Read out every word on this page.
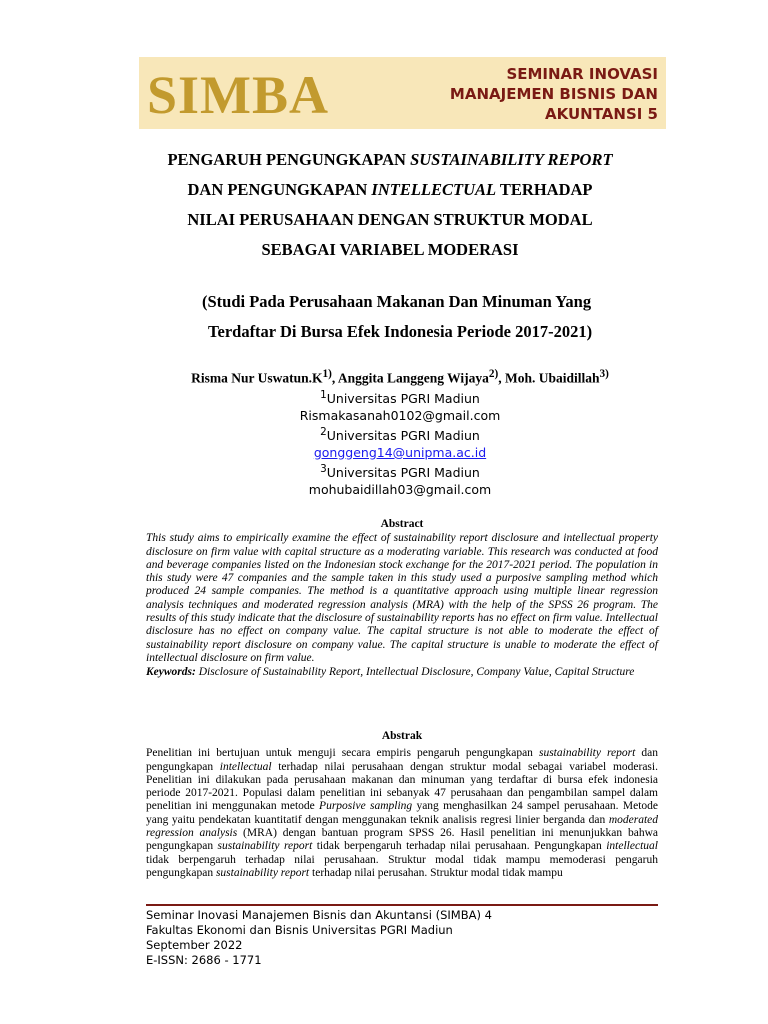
SIMBA	SEMINAR INOVASI
MANAJEMEN BISNIS DAN
AKUNTANSI 5
PENGARUH PENGUNGKAPAN SUSTAINABILITY REPORT
DAN PENGUNGKAPAN INTELLECTUAL TERHADAP
NILAI PERUSAHAAN DENGAN STRUKTUR MODAL
SEBAGAI VARIABEL MODERASI
(Studi Pada Perusahaan Makanan Dan Minuman Yang
Terdaftar Di Bursa Efek Indonesia Periode 2017-2021)
Risma Nur $Uswatun.K^{1)}$, Anggita Langgeng Wijaya$^{2)}$, Moh. Ubaidillah$^{3)}$
$^1$Universitas PGRI Madiun
Rismakasanah0102@gmail.com
$^2$Universitas PGRI Madiun
gonggeng14@unipma.ac.id
$^3$Universitas PGRI Madiun
mohubaidillah03@gmail.com
Abstract
This study aims to empirically examine the effect of sustainability report disclosure and intellectual property disclosure on firm value with capital structure as a moderating variable. This research was conducted at food and beverage companies listed on the Indonesian stock exchange for the 2017-2021 period. The population in this study were 47 companies and the sample taken in this study used a purposive sampling method which produced 24 sample companies. The method is a quantitative approach using multiple linear regression analysis techniques and moderated regression analysis (MRA) with the help of the SPSS 26 program. The results of this study indicate that the disclosure of sustainability reports has no effect on firm value. Intellectual disclosure has no effect on company value. The capital structure is not able to moderate the effect of sustainability report disclosure on company value. The capital structure is unable to moderate the effect of intellectual disclosure on firm value.
Keywords: Disclosure of Sustainability Report, Intellectual Disclosure, Company Value, Capital Structure
Abstrak
Penelitian ini bertujuan untuk menguji secara empiris pengaruh pengungkapan sustainability report dan pengungkapan intellectual terhadap nilai perusahaan dengan struktur modal sebagai variabel moderasi. Penelitian ini dilakukan pada perusahaan makanan dan minuman yang terdaftar di bursa efek indonesia periode 2017-2021. Populasi dalam penelitian ini sebanyak 47 perusahaan dan pengambilan sampel dalam penelitian ini menggunakan metode Purposive sampling yang menghasilkan 24 sampel perusahaan. Metode yang yaitu pendekatan kuantitatif dengan menggunakan teknik analisis regresi linier berganda dan moderated regression analysis (MRA) dengan bantuan program SPSS 26. Hasil penelitian ini menunjukkan bahwa pengungkapan sustainability report tidak berpengaruh terhadap nilai perusahaan. Pengungkapan intellectual tidak berpengaruh terhadap nilai perusahaan. Struktur modal tidak mampu memoderasi pengaruh pengungkapan sustainability report terhadap nilai perusahan. Struktur modal tidak mampu
Seminar Inovasi Manajemen Bisnis dan Akuntansi (SIMBA) 4
Fakultas Ekonomi dan Bisnis Universitas PGRI Madiun
September 2022
E-ISSN: 2686 - 1771
